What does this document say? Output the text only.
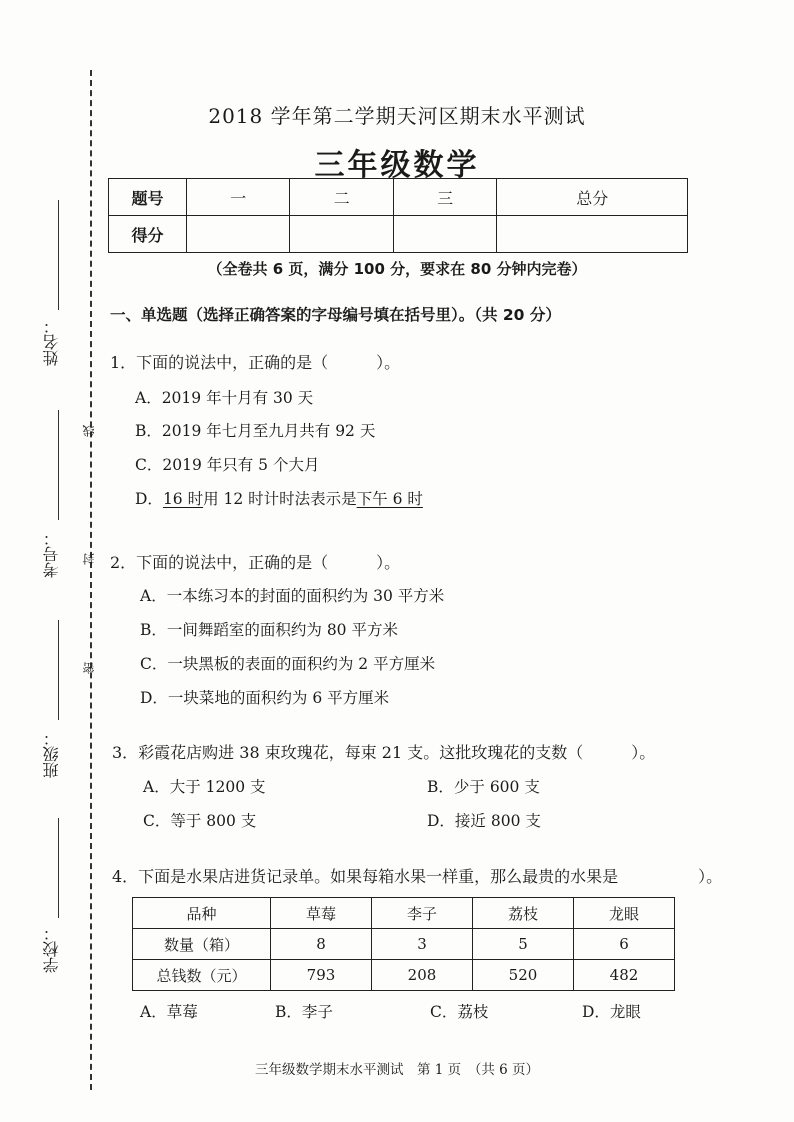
姓名：
考号：
班级：
学校：
线
封
密
2018 学年第二学期天河区期末水平测试
三年级数学
题号	一	二	三	总分
得分				
（全卷共 6 页，满分 100 分，要求在 80 分钟内完卷）
一、单选题（选择正确答案的字母编号填在括号里）。（共 20 分）
1．下面的说法中，正确的是（　　　）。
A．2019 年十月有 30 天
B．2019 年七月至九月共有 92 天
C．2019 年只有 5 个大月
D．16 时用 12 时计时法表示是下午 6 时
2．下面的说法中，正确的是（　　　）。
A．一本练习本的封面的面积约为 30 平方米
B．一间舞蹈室的面积约为 80 平方米
C．一块黑板的表面的面积约为 2 平方厘米
D．一块菜地的面积约为 6 平方厘米
3．彩霞花店购进 38 束玫瑰花，每束 21 支。这批玫瑰花的支数（　　　）。
A．大于 1200 支	B．少于 600 支
C．等于 800 支	D．接近 800 支
4．下面是水果店进货记录单。如果每箱水果一样重，那么最贵的水果是　　　　　）。
品种	草莓	李子	荔枝	龙眼
数量（箱）	8	3	5	6
总钱数（元）	793	208	520	482
A．草莓	B．李子	C．荔枝	D．龙眼
三年级数学期末水平测试　第 1 页　（共 6 页）
